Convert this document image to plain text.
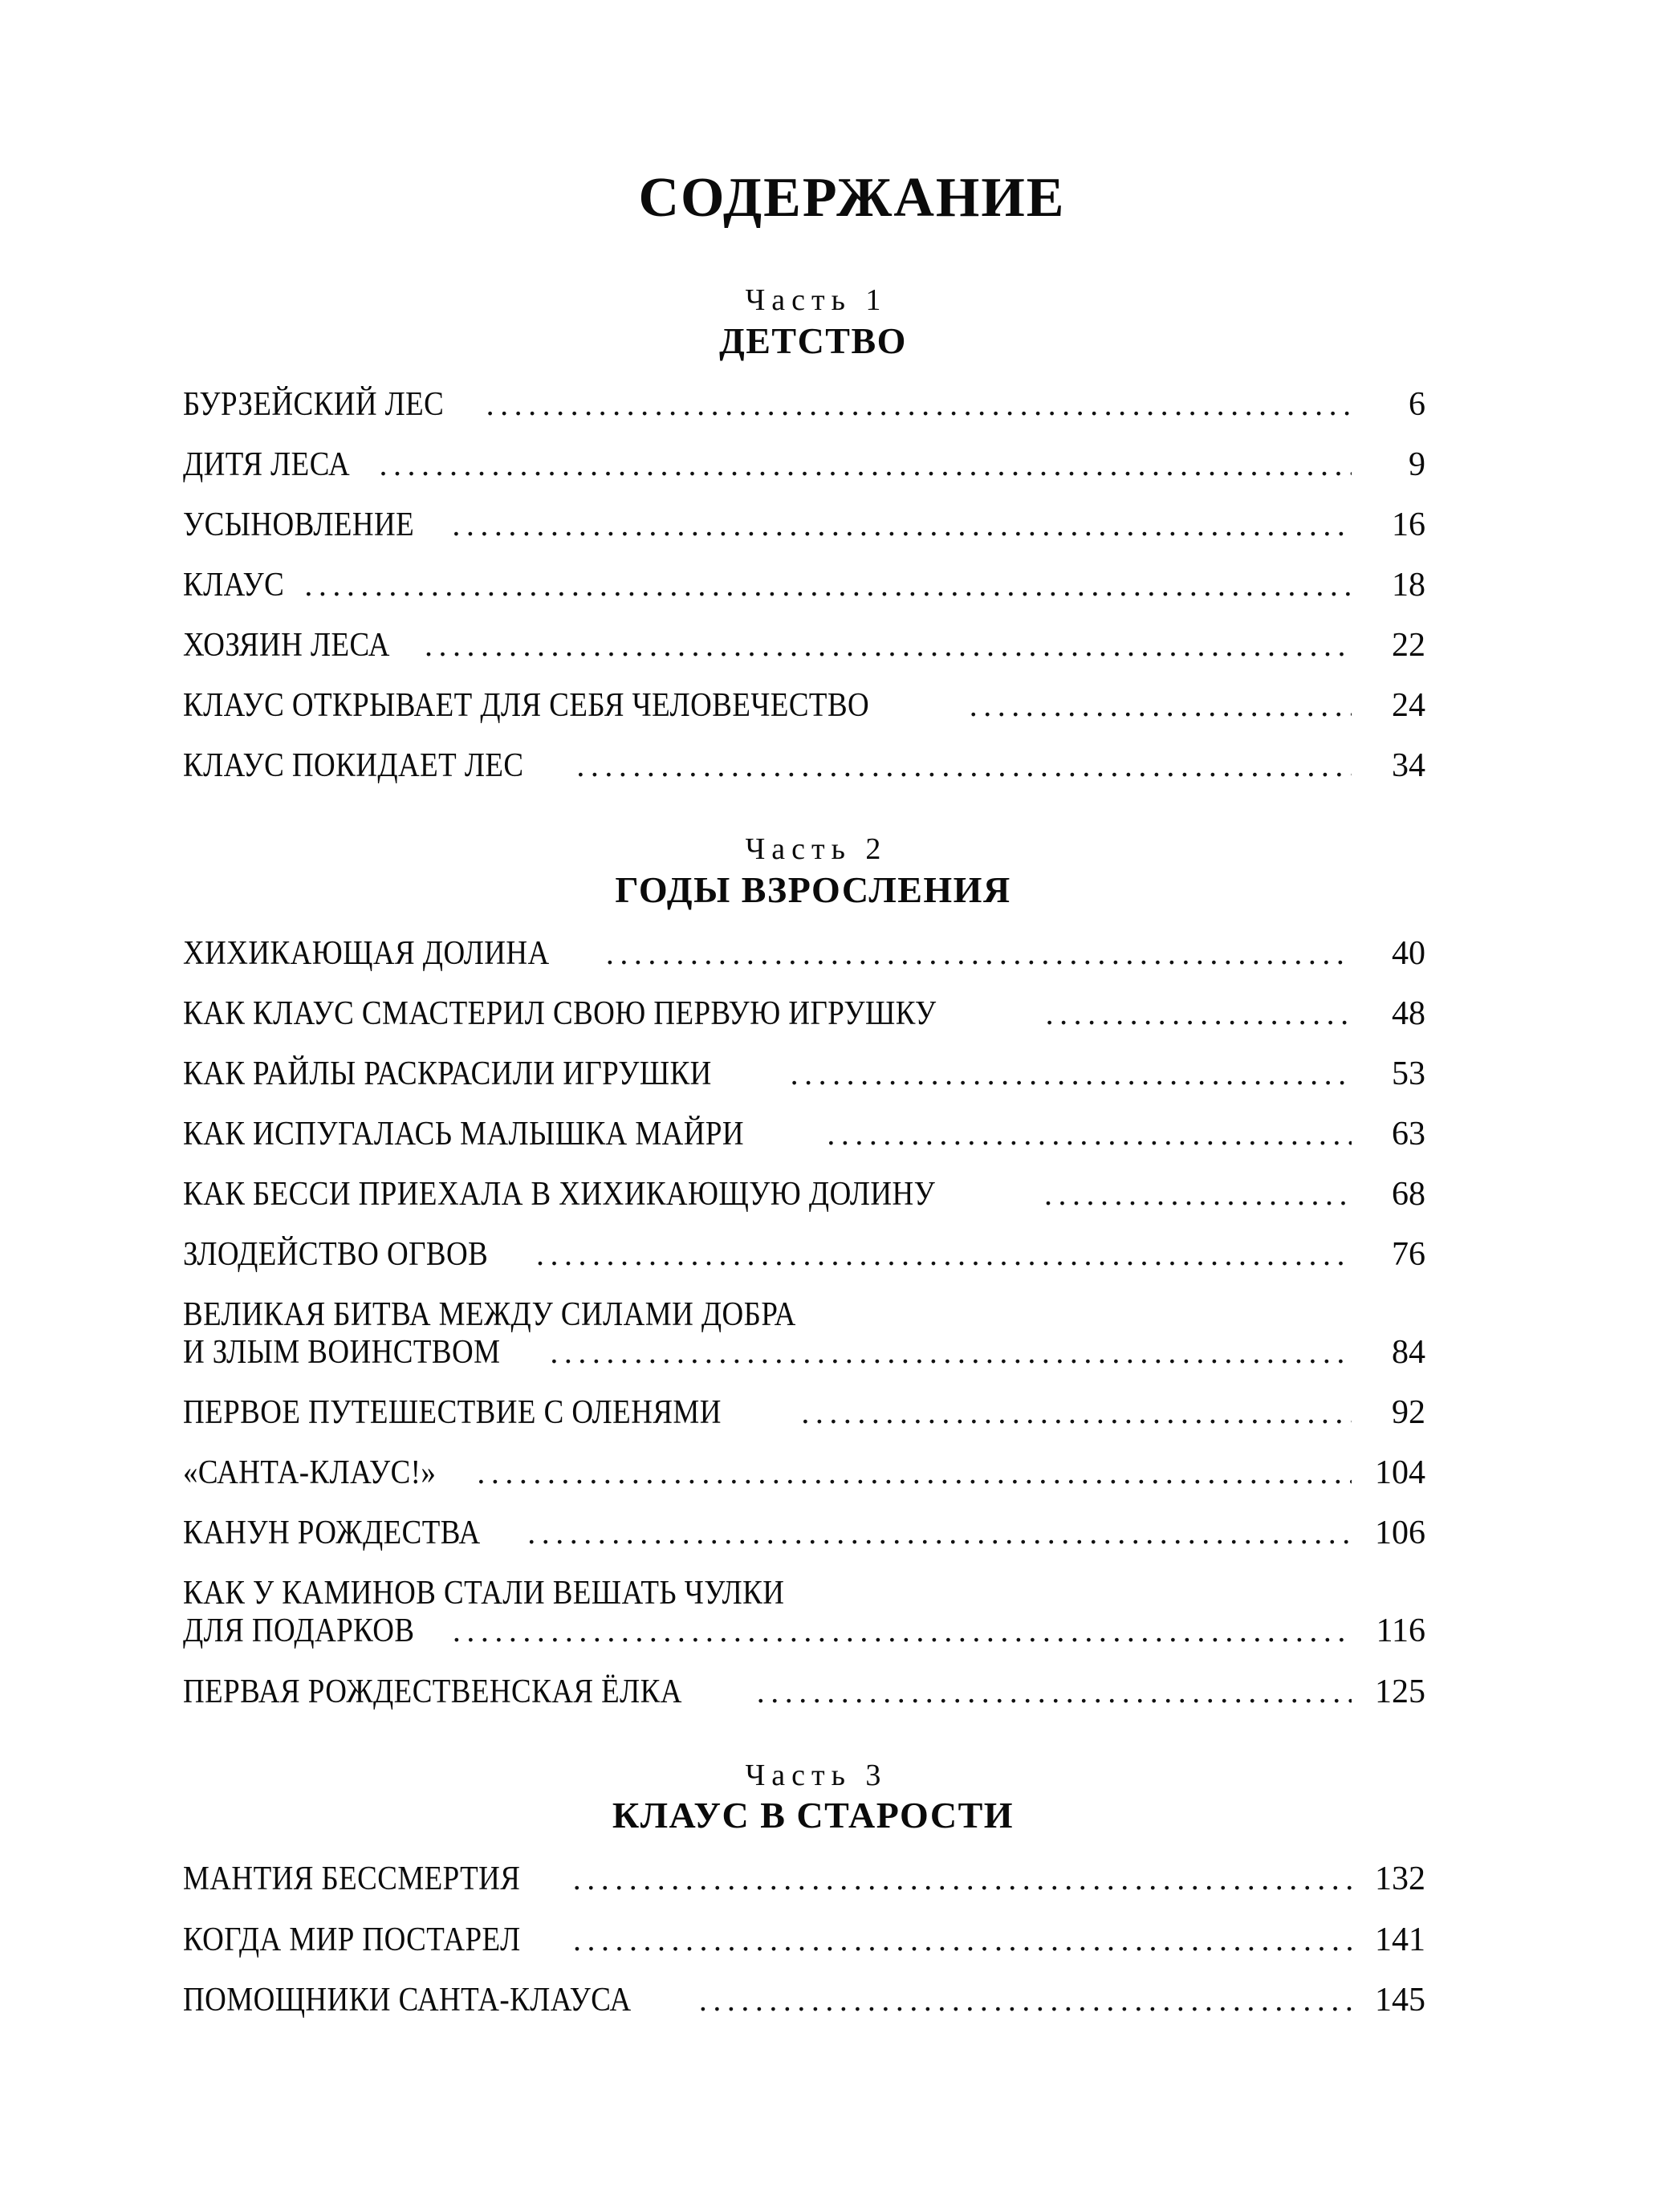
СОДЕРЖАНИЕ
Часть 1
ДЕТСТВО
БУРЗЕЙСКИЙ ЛЕС .....	6
ДИТЯ ЛЕСА .....	9
УСЫНОВЛЕНИЕ .....	16
КЛАУС .....	18
ХОЗЯИН ЛЕСА .....	22
КЛАУС ОТКРЫВАЕТ ДЛЯ СЕБЯ ЧЕЛОВЕЧЕСТВО .....	24
КЛАУС ПОКИДАЕТ ЛЕС .....	34
Часть 2
ГОДЫ ВЗРОСЛЕНИЯ
ХИХИКАЮЩАЯ ДОЛИНА .....	40
КАК КЛАУС СМАСТЕРИЛ СВОЮ ПЕРВУЮ ИГРУШКУ .....	48
КАК РАЙЛЫ РАСКРАСИЛИ ИГРУШКИ .....	53
КАК ИСПУГАЛАСЬ МАЛЫШКА МАЙРИ .....	63
КАК БЕССИ ПРИЕХАЛА В ХИХИКАЮЩУЮ ДОЛИНУ .....	68
ЗЛОДЕЙСТВО ОГВОВ .....	76
ВЕЛИКАЯ БИТВА МЕЖДУ СИЛАМИ ДОБРА
И ЗЛЫМ ВОИНСТВОМ .....	84
ПЕРВОЕ ПУТЕШЕСТВИЕ С ОЛЕНЯМИ .....	92
«САНТА-КЛАУС!» .....	104
КАНУН РОЖДЕСТВА .....	106
КАК У КАМИНОВ СТАЛИ ВЕШАТЬ ЧУЛКИ
ДЛЯ ПОДАРКОВ .....	116
ПЕРВАЯ РОЖДЕСТВЕНСКАЯ ЁЛКА .....	125
Часть 3
КЛАУС В СТАРОСТИ
МАНТИЯ БЕССМЕРТИЯ .....	132
КОГДА МИР ПОСТАРЕЛ .....	141
ПОМОЩНИКИ САНТА-КЛАУСА .....	145
